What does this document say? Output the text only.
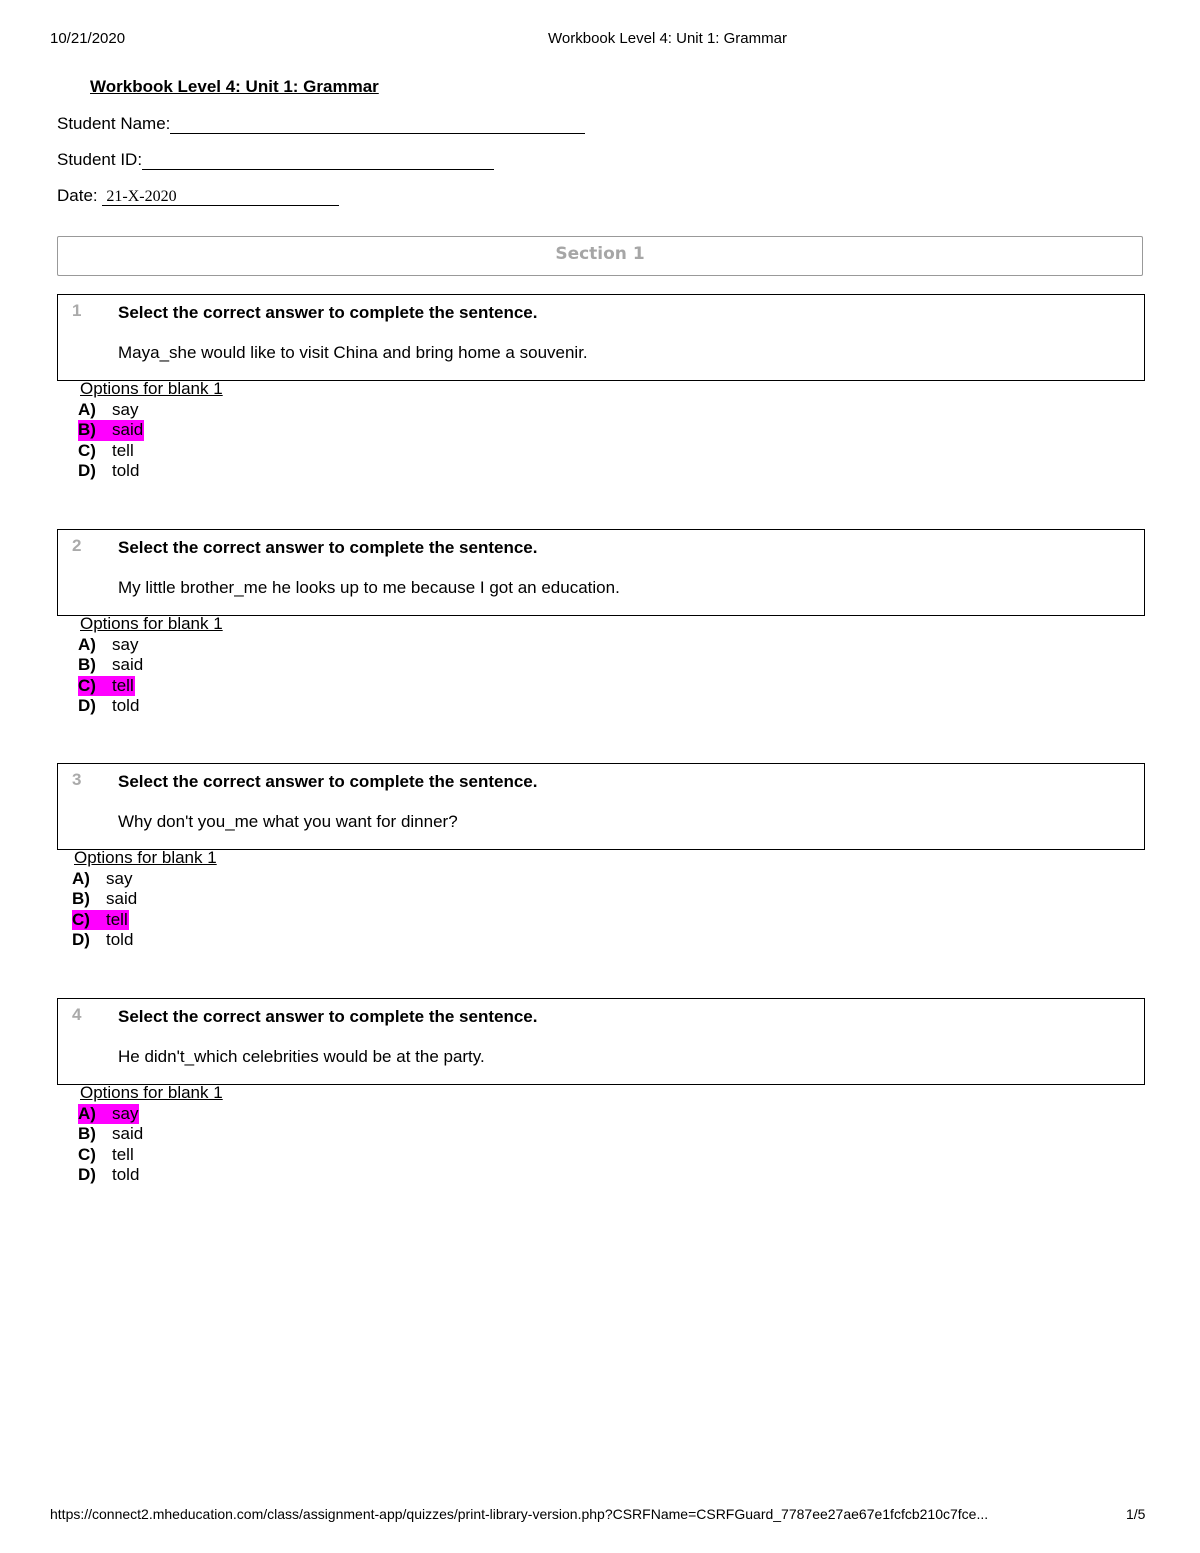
10/21/2020	Workbook Level 4: Unit 1: Grammar
Workbook Level 4: Unit 1: Grammar
Student Name:
Student ID:
Date: 21-X-2020
Section 1
1 Select the correct answer to complete the sentence.
Maya_she would like to visit China and bring home a souvenir.
Options for blank 1
A) say
B) said
C) tell
D) told
2 Select the correct answer to complete the sentence.
My little brother_me he looks up to me because I got an education.
Options for blank 1
A) say
B) said
C) tell
D) told
3 Select the correct answer to complete the sentence.
Why don't you_me what you want for dinner?
Options for blank 1
A) say
B) said
C) tell
D) told
4 Select the correct answer to complete the sentence.
He didn't_which celebrities would be at the party.
Options for blank 1
A) say
B) said
C) tell
D) told
https://connect2.mheducation.com/class/assignment-app/quizzes/print-library-version.php?CSRFName=CSRFGuard_7787ee27ae67e1fcfcb210c7fce...	1/5
